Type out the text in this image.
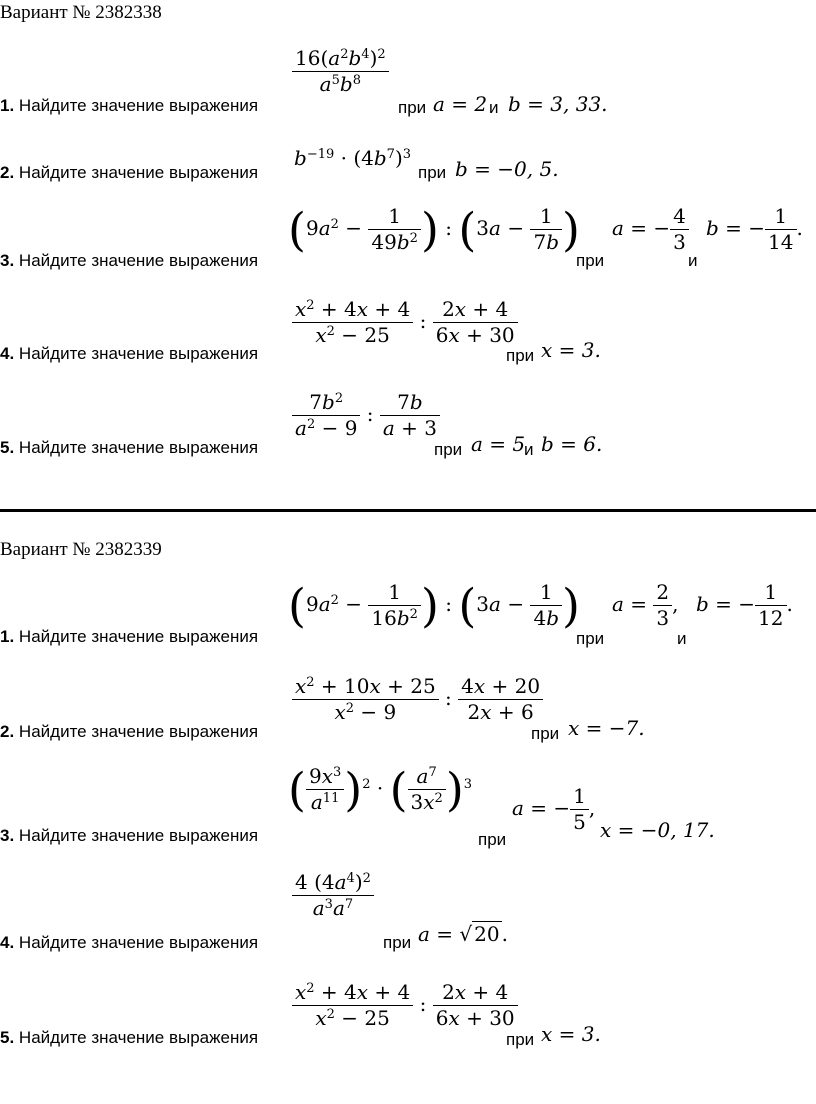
Вариант № 2382338
1. Найдите значение выражения
$\frac{16(a^2b^4)^2}{a^5b^8}$
при a = 2 и b = 3, 33.
2. Найдите значение выражения
$b^{-19} \cdot (4b^7)^3$
при b = −0, 5.
3. Найдите значение выражения
($9a^2 - \frac{1}{49b^2}$ ) : ($3a - \frac{1}{7b}$ )
при
a = − $\frac{4}{3}$
и
b = − $\frac{1}{14}$ .
4. Найдите значение выражения
$\frac{x^2 + 4x + 4}{x^2 - 25}$ : $\frac{2x + 4}{6x + 30}$
при x = 3.
5. Найдите значение выражения
$\frac{7b^2}{a^2 - 9}$ : $\frac{7b}{a + 3}$
при a = 5
и b = 6.
Вариант № 2382339
1. Найдите значение выражения
($9a^2 - \frac{1}{16b^2}$ ) : ($3a - \frac{1}{4b}$ )
при
$a = \frac{2}{3}$ ,
и
b = − $\frac{1}{12}$ .
2. Найдите значение выражения
$\frac{x^2 + 10x + 25}{x^2 - 9}$ : $\frac{4x + 20}{2x + 6}$
при x = −7.
3. Найдите значение выражения
( $\frac{9x^3}{a^{11}} )^2$ · ( $\frac{a^7}{3x^2} )^3$
при
a = − $\frac{1}{5}$ ,
x = −0, 17.
4. Найдите значение выражения
$\frac{4 (4a^4)^2}{a^3a^7}$
при a = √ 20 .
5. Найдите значение выражения
$\frac{x^2 + 4x + 4}{x^2 - 25}$ : $\frac{2x + 4}{6x + 30}$
при x = 3.
